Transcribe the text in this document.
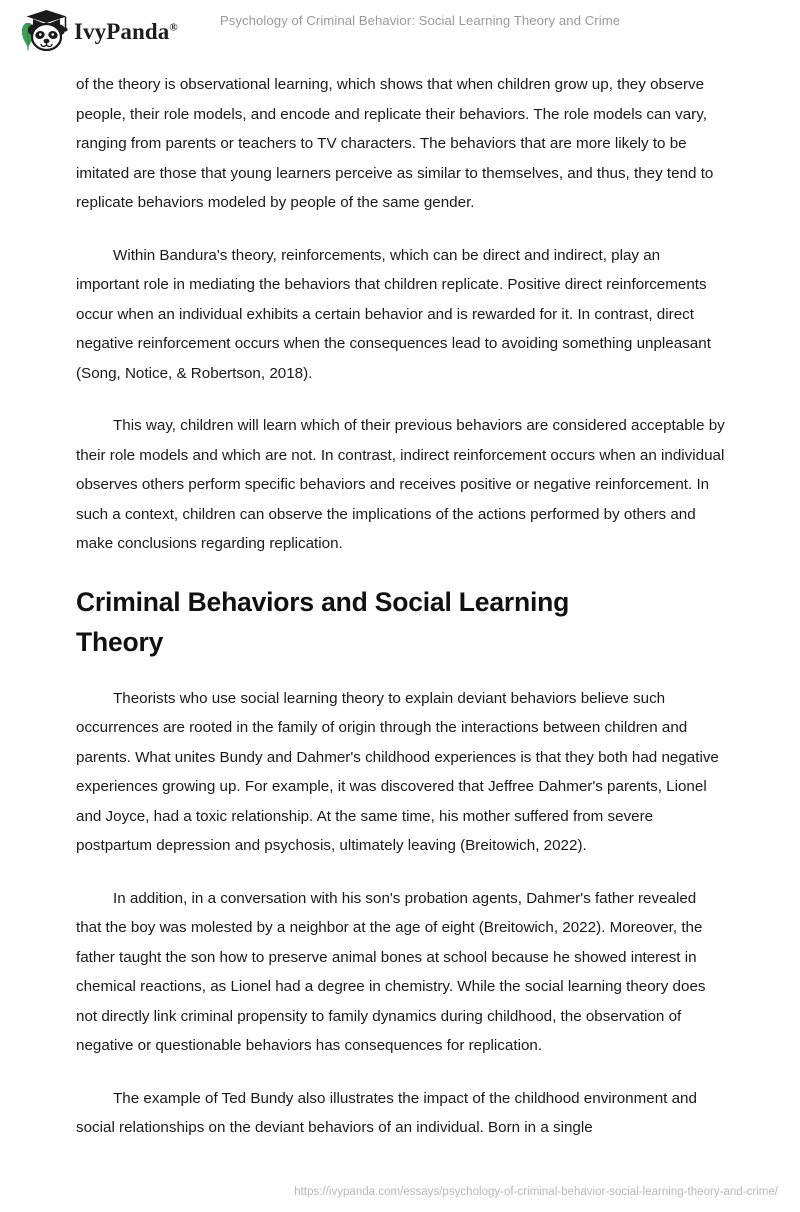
IvyPanda®	Psychology of Criminal Behavior: Social Learning Theory and Crime

of the theory is observational learning, which shows that when children grow up, they observe people, their role models, and encode and replicate their behaviors. The role models can vary, ranging from parents or teachers to TV characters. The behaviors that are more likely to be imitated are those that young learners perceive as similar to themselves, and thus, they tend to replicate behaviors modeled by people of the same gender.

Within Bandura's theory, reinforcements, which can be direct and indirect, play an important role in mediating the behaviors that children replicate. Positive direct reinforcements occur when an individual exhibits a certain behavior and is rewarded for it. In contrast, direct negative reinforcement occurs when the consequences lead to avoiding something unpleasant (Song, Notice, & Robertson, 2018).

This way, children will learn which of their previous behaviors are considered acceptable by their role models and which are not. In contrast, indirect reinforcement occurs when an individual observes others perform specific behaviors and receives positive or negative reinforcement. In such a context, children can observe the implications of the actions performed by others and make conclusions regarding replication.

Criminal Behaviors and Social Learning Theory

Theorists who use social learning theory to explain deviant behaviors believe such occurrences are rooted in the family of origin through the interactions between children and parents. What unites Bundy and Dahmer's childhood experiences is that they both had negative experiences growing up. For example, it was discovered that Jeffree Dahmer's parents, Lionel and Joyce, had a toxic relationship. At the same time, his mother suffered from severe postpartum depression and psychosis, ultimately leaving (Breitowich, 2022).

In addition, in a conversation with his son's probation agents, Dahmer's father revealed that the boy was molested by a neighbor at the age of eight (Breitowich, 2022). Moreover, the father taught the son how to preserve animal bones at school because he showed interest in chemical reactions, as Lionel had a degree in chemistry. While the social learning theory does not directly link criminal propensity to family dynamics during childhood, the observation of negative or questionable behaviors has consequences for replication.

The example of Ted Bundy also illustrates the impact of the childhood environment and social relationships on the deviant behaviors of an individual. Born in a single

https://ivypanda.com/essays/psychology-of-criminal-behavior-social-learning-theory-and-crime/
